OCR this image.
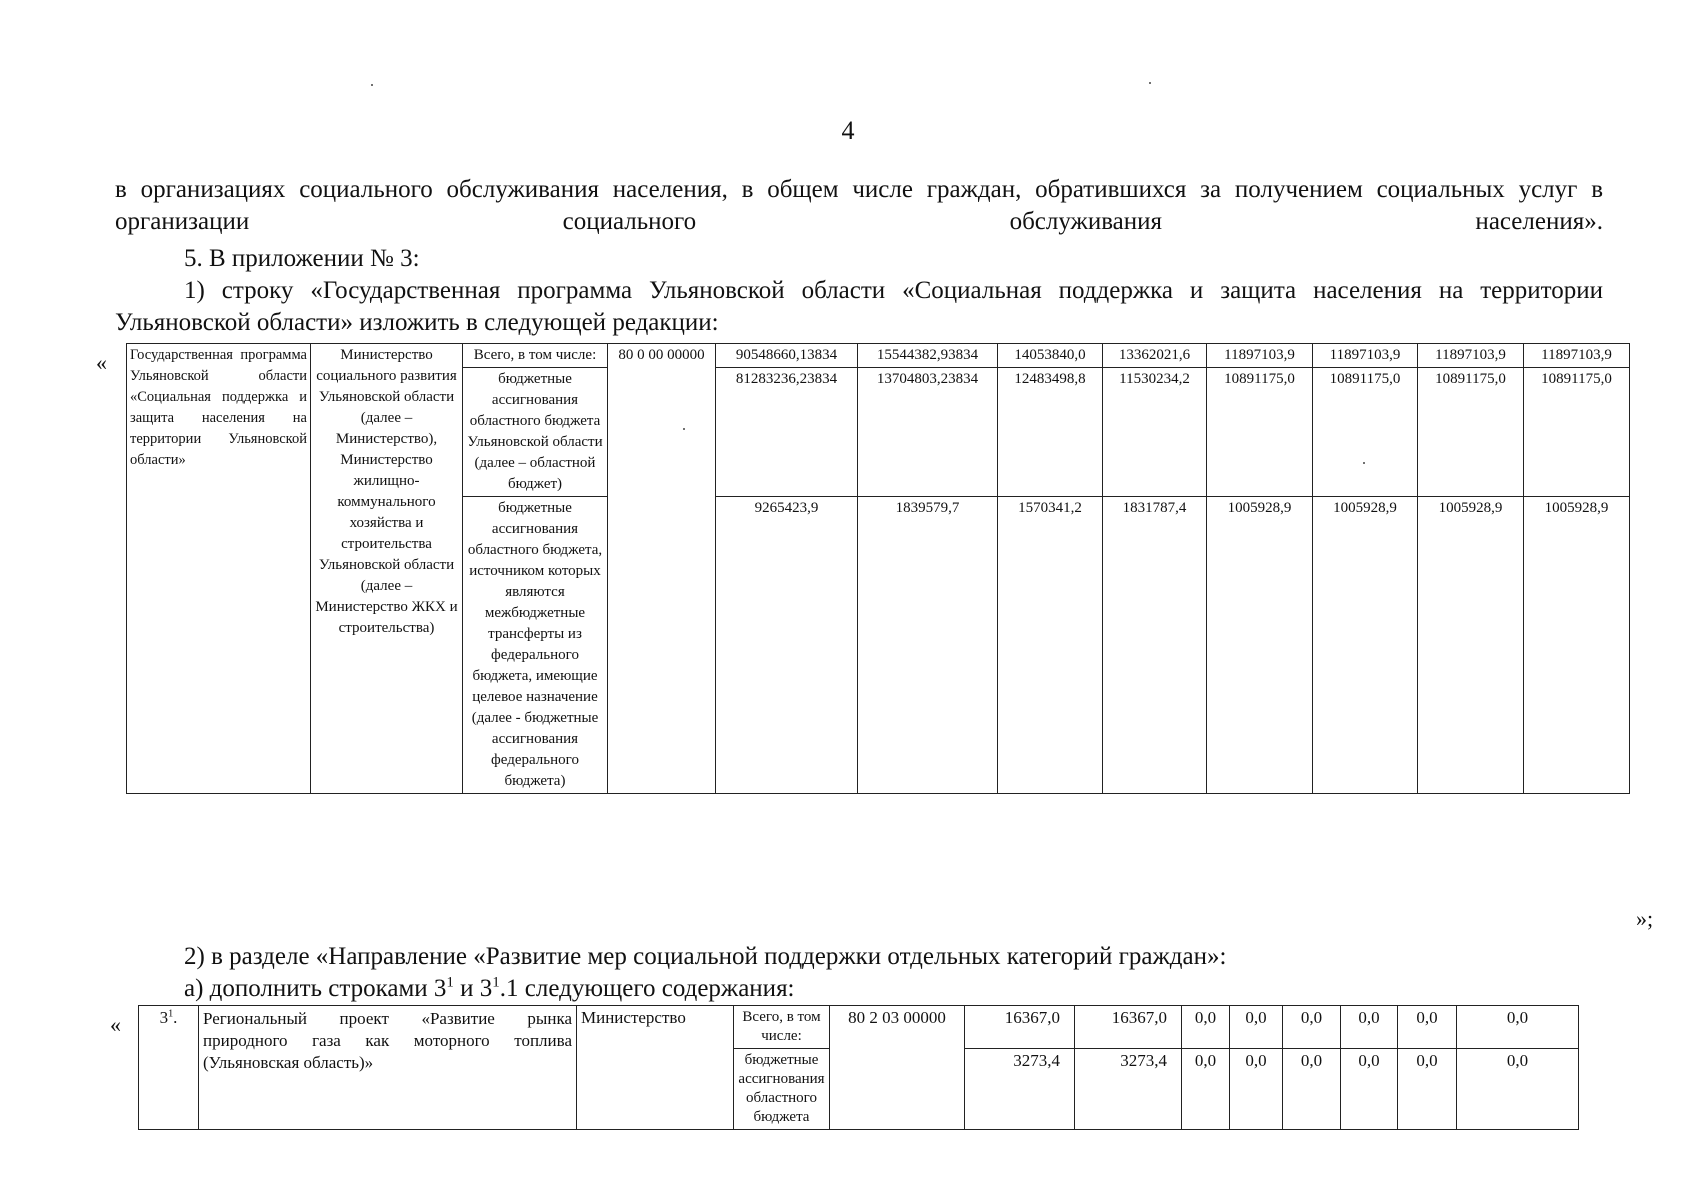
4
в организациях социального обслуживания населения, в общем числе граждан, обратившихся за получением социальных услуг в организации социального обслуживания населения».
5. В приложении № 3:
1) строку «Государственная программа Ульяновской области «Социальная поддержка и защита населения на территории Ульяновской области» изложить в следующей редакции:
« Государственная программа Ульяновской области «Социальная поддержка и защита населения на территории Ульяновской области»	Министерство социального развития Ульяновской области (далее – Министерство), Министерство жилищно-коммунального хозяйства и строительства Ульяновской области (далее – Министерство ЖКХ и строительства)	Всего, в том числе:	80 0 00 00000	90548660,13834	15544382,93834	14053840,0	13362021,6	11897103,9	11897103,9	11897103,9	11897103,9
		бюджетные ассигнования областного бюджета Ульяновской области (далее – областной бюджет)		81283236,23834	13704803,23834	12483498,8	11530234,2	10891175,0	10891175,0	10891175,0	10891175,0
		бюджетные ассигнования областного бюджета, источником которых являются межбюджетные трансферты из федерального бюджета, имеющие целевое назначение (далее - бюджетные ассигнования федерального бюджета)		9265423,9	1839579,7	1570341,2	1831787,4	1005928,9	1005928,9	1005928,9	1005928,9
»;
2) в разделе «Направление «Развитие мер социальной поддержки отдельных категорий граждан»:
а) дополнить строками $3^1$ и $3^1.1$ следующего содержания:
« $3^1$.	Региональный проект «Развитие рынка природного газа как моторного топлива (Ульяновская область)»	Министерство	Всего, в том числе:	80 2 03 00000	16367,0	16367,0	0,0	0,0	0,0	0,0	0,0	0,0
			бюджетные ассигнования областного бюджета		3273,4	3273,4	0,0	0,0	0,0	0,0	0,0	0,0
